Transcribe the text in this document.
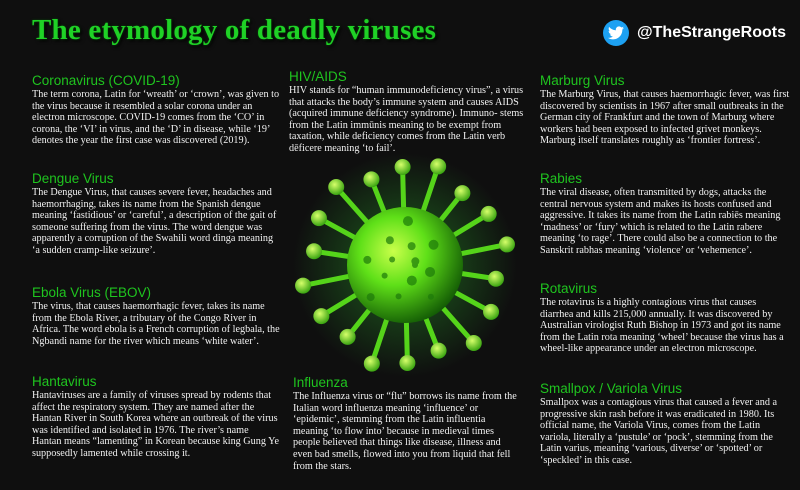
The etymology of deadly viruses	@TheStrangeRoots
Coronavirus (COVID-19)

The term corona, Latin for ‘wreath’ or ‘crown’, was given to the virus because it resembled a solar corona under an electron microscope. COVID-19 comes from the ‘CO’ in corona, the ‘VI’ in virus, and the ‘D’ in disease, while ‘19’ denotes the year the first case was discovered (2019).

Dengue Virus

The Dengue Virus, that causes severe fever, headaches and haemorrhaging, takes its name from the Spanish dengue meaning ‘fastidious’ or ‘careful’, a description of the gait of someone suffering from the virus. The word dengue was apparently a corruption of the Swahili word dinga meaning ‘a sudden cramp-like seizure’.

Ebola Virus (EBOV)

The virus, that causes haemorrhagic fever, takes its name from the Ebola River, a tributary of the Congo River in Africa. The word ebola is a French corruption of legbala, the Ngbandi name for the river which means ‘white water’.

Hantavirus

Hantaviruses are a family of viruses spread by rodents that affect the respiratory system. They are named after the Hantan River in South Korea where an outbreak of the virus was identified and isolated in 1976. The river’s name Hantan means “lamenting” in Korean because king Gung Ye supposedly lamented while crossing it.

HIV/AIDS

HIV stands for “human immunodeficiency virus”, a virus that attacks the body’s immune system and causes AIDS (acquired immune deficiency syndrome). Immuno- stems from the Latin immūnis meaning to be exempt from taxation, while deficiency comes from the Latin verb dēficere meaning ‘to fail’.

Influenza

The Influenza virus or “flu” borrows its name from the Italian word influenza meaning ‘influence’ or ‘epidemic’, stemming from the Latin influentia meaning ‘to flow into’ because in medieval times people believed that things like disease, illness and even bad smells, flowed into you from liquid that fell from the stars.

Marburg Virus

The Marburg Virus, that causes haemorrhagic fever, was first discovered by scientists in 1967 after small outbreaks in the German city of Frankfurt and the town of Marburg where workers had been exposed to infected grivet monkeys. Marburg itself translates roughly as ‘frontier fortress’.

Rabies

The viral disease, often transmitted by dogs, attacks the central nervous system and makes its hosts confused and aggressive. It takes its name from the Latin rabiēs meaning ‘madness’ or ‘fury’ which is related to the Latin rabere meaning ‘to rage’. There could also be a connection to the Sanskrit rabhas meaning ‘violence’ or ‘vehemence’.

Rotavirus

The rotavirus is a highly contagious virus that causes diarrhea and kills 215,000 annually. It was discovered by Australian virologist Ruth Bishop in 1973 and got its name from the Latin rota meaning ‘wheel’ because the virus has a wheel-like appearance under an electron microscope.

Smallpox / Variola Virus

Smallpox was a contagious virus that caused a fever and a progressive skin rash before it was eradicated in 1980. Its official name, the Variola Virus, comes from the Latin variola, literally a ‘pustule’ or ‘pock’, stemming from the Latin varius, meaning ‘various, diverse’ or ‘spotted’ or ‘speckled’ in this case.
